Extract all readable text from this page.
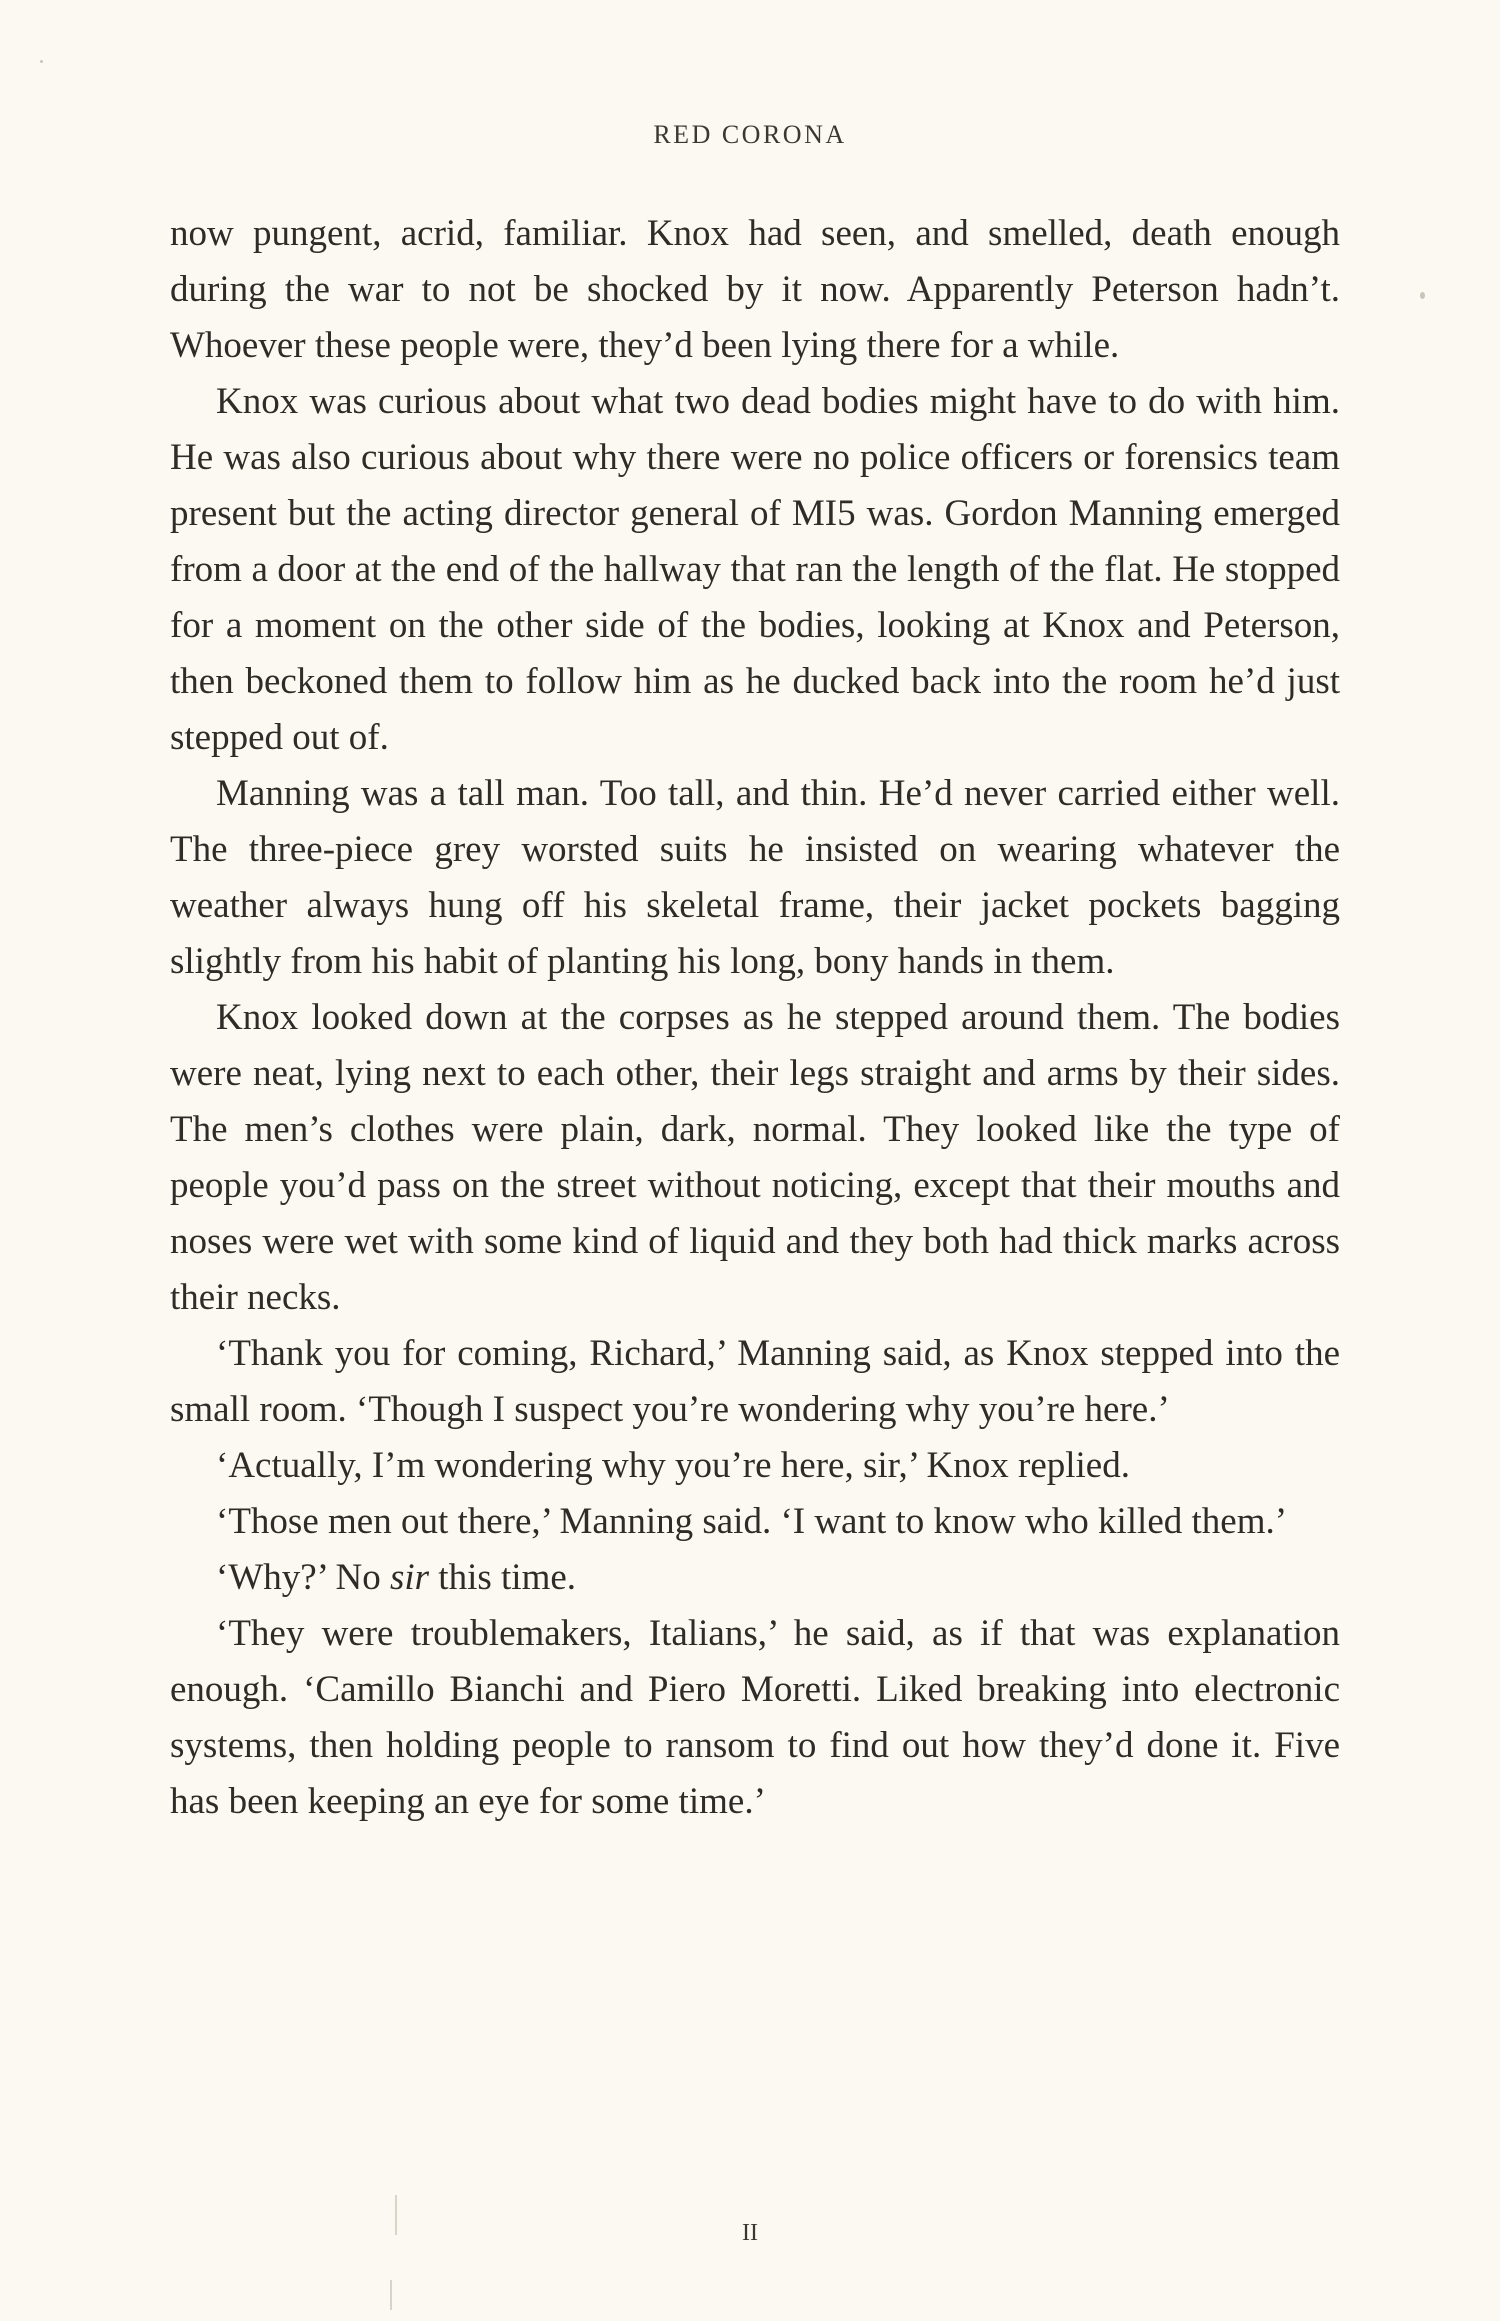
RED CORONA

now pungent, acrid, familiar. Knox had seen, and smelled, death enough during the war to not be shocked by it now. Apparently Peterson hadn’t. Whoever these people were, they’d been lying there for a while.

Knox was curious about what two dead bodies might have to do with him. He was also curious about why there were no police officers or forensics team present but the acting director general of MI5 was. Gordon Manning emerged from a door at the end of the hallway that ran the length of the flat. He stopped for a moment on the other side of the bodies, looking at Knox and Peterson, then beckoned them to follow him as he ducked back into the room he’d just stepped out of.

Manning was a tall man. Too tall, and thin. He’d never carried either well. The three-piece grey worsted suits he insisted on wearing whatever the weather always hung off his skeletal frame, their jacket pockets bagging slightly from his habit of planting his long, bony hands in them.

Knox looked down at the corpses as he stepped around them. The bodies were neat, lying next to each other, their legs straight and arms by their sides. The men’s clothes were plain, dark, normal. They looked like the type of people you’d pass on the street without noticing, except that their mouths and noses were wet with some kind of liquid and they both had thick marks across their necks.

‘Thank you for coming, Richard,’ Manning said, as Knox stepped into the small room. ‘Though I suspect you’re wondering why you’re here.’

‘Actually, I’m wondering why you’re here, sir,’ Knox replied.

‘Those men out there,’ Manning said. ‘I want to know who killed them.’

‘Why?’ No sir this time.

‘They were troublemakers, Italians,’ he said, as if that was explanation enough. ‘Camillo Bianchi and Piero Moretti. Liked breaking into electronic systems, then holding people to ransom to find out how they’d done it. Five has been keeping an eye for some time.’

II
